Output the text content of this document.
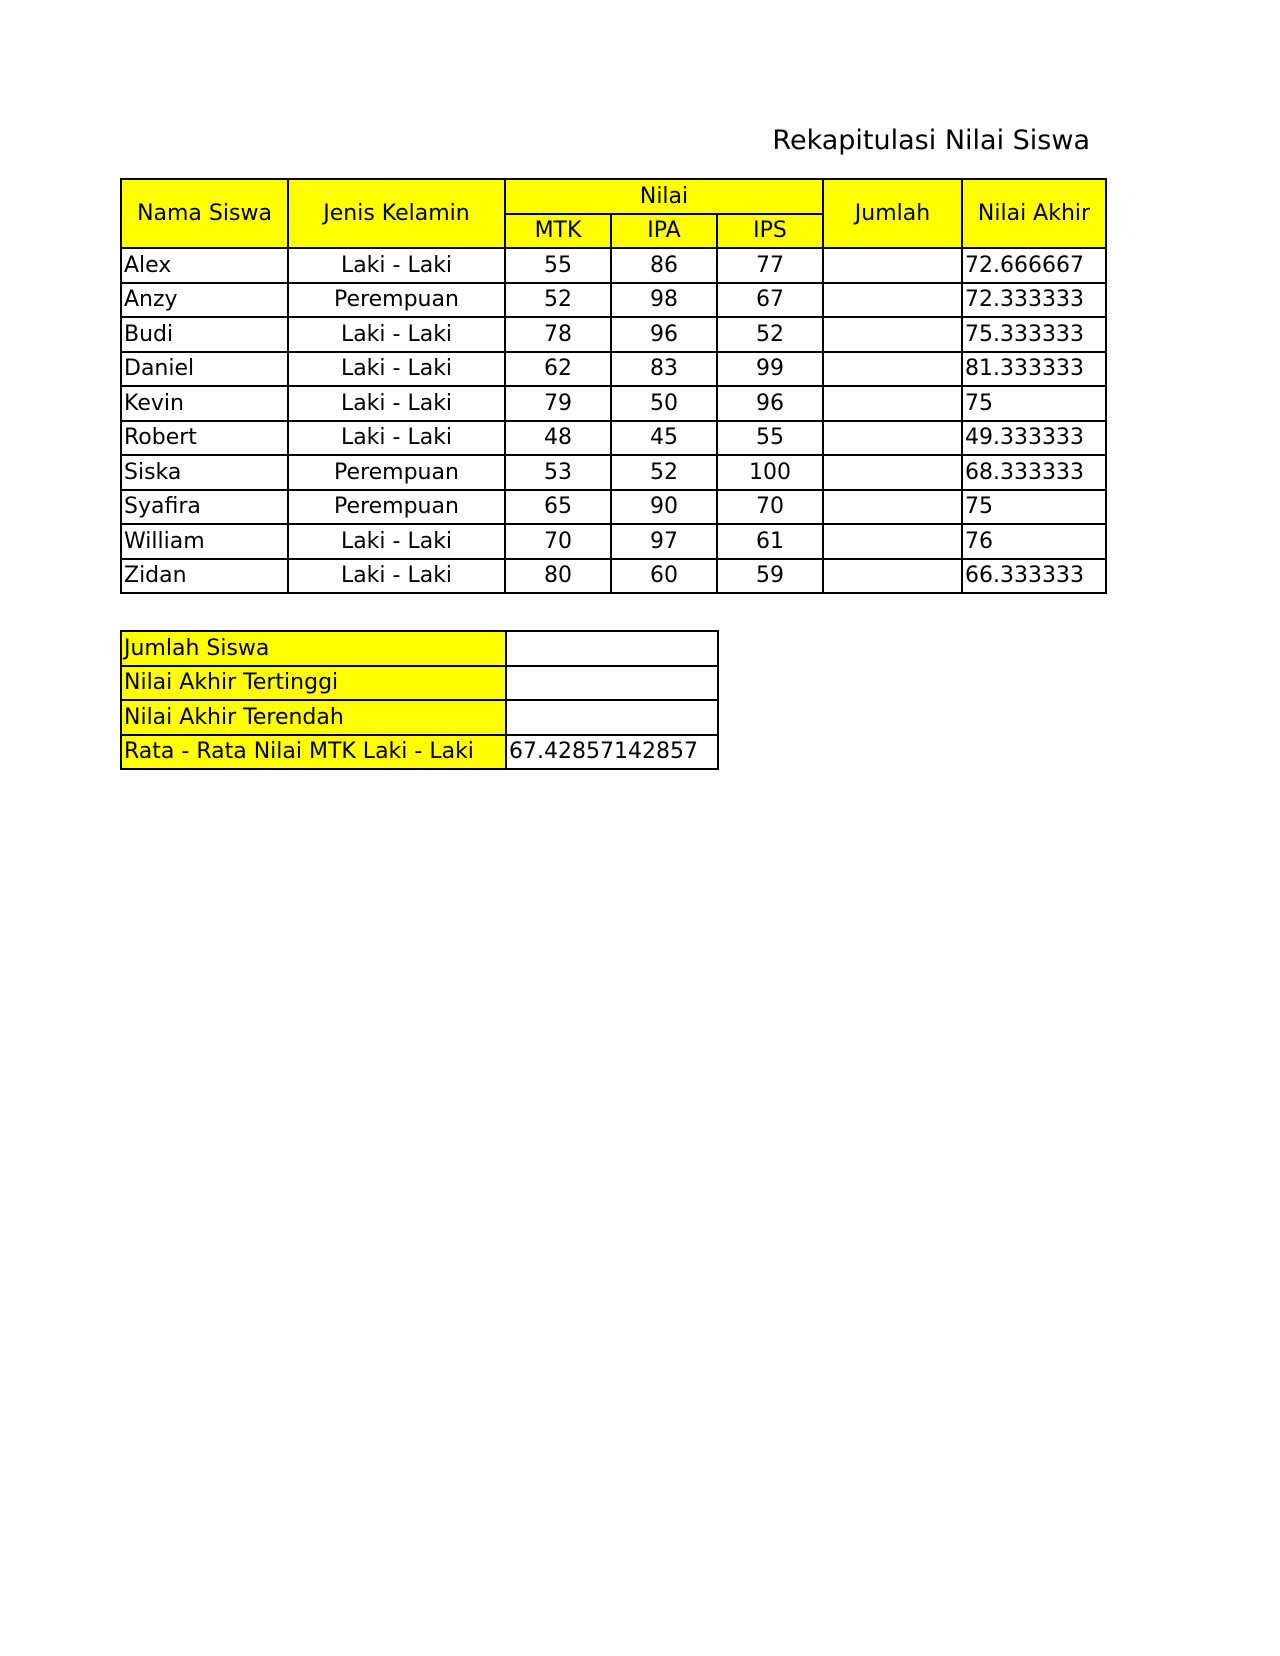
Rekapitulasi Nilai Siswa
Nama Siswa	Jenis Kelamin	Nilai			Jumlah	Nilai Akhir
		MTK	IPA	IPS		
Alex	Laki - Laki	55	86	77		72.666667
Anzy	Perempuan	52	98	67		72.333333
Budi	Laki - Laki	78	96	52		75.333333
Daniel	Laki - Laki	62	83	99		81.333333
Kevin	Laki - Laki	79	50	96		75
Robert	Laki - Laki	48	45	55		49.333333
Siska	Perempuan	53	52	100		68.333333
Syafira	Perempuan	65	90	70		75
William	Laki - Laki	70	97	61		76
Zidan	Laki - Laki	80	60	59		66.333333
Jumlah Siswa	
Nilai Akhir Tertinggi	
Nilai Akhir Terendah	
Rata - Rata Nilai MTK Laki - Laki	67.42857142857
